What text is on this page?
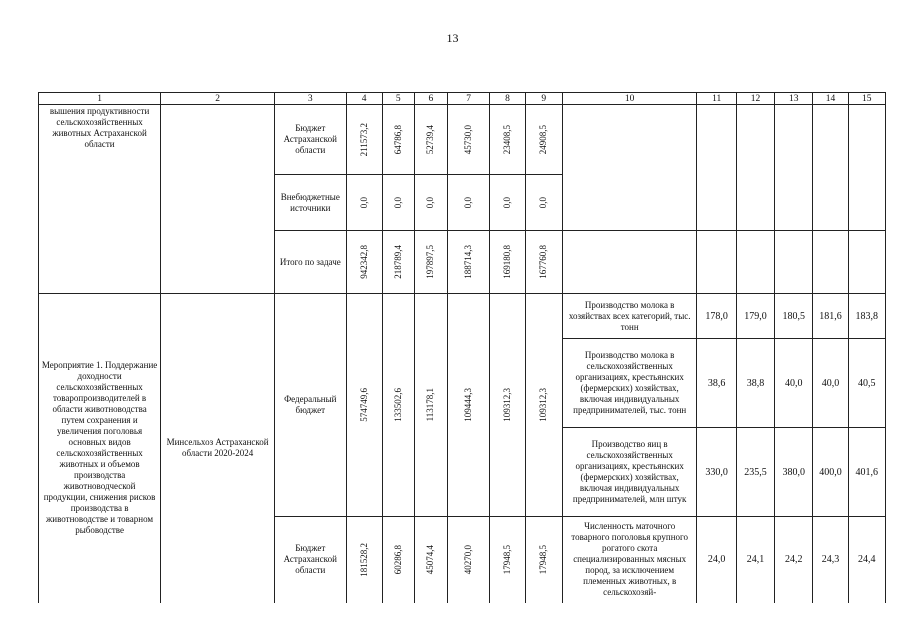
13
1	2	3	4	5	6	7	8	9	10	11	12	13	14	15
вышения продуктивности сельскохозяйственных животных Астраханской области		Бюджет Астраханской области	211573,2	64786,8	52739,4	45730,0	23408,5	24908,5						

		Внебюджетные источники	0,0	0,0	0,0	0,0	0,0	0,0						

		Итого по задаче	942342,8	218789,4	197897,5	188714,3	169180,8	167760,8						

Мероприятие 1. Поддержание доходности сельскохозяйственных товаропроизводителей в области животноводства путем сохранения и увеличения поголовья основных видов сельскохозяйственных животных и объемов производства животноводческой продукции, снижения рисков производства в животноводстве и товарном рыбоводстве	Минсельхоз Астраханской области 2020-2024	Федеральный бюджет	574749,6	133502,6	113178,1	109444,3	109312,3	109312,3	Производство молока в хозяйствах всех категорий, тыс. тонн	178,0	179,0	180,5	181,6	183,8
									Производство молока в сельскохозяйственных организациях, крестьянских (фермерских) хозяйствах, включая индивидуальных предпринимателей, тыс. тонн	38,6	38,8	40,0	40,0	40,5
									Производство яиц в сельскохозяйственных организациях, крестьянских (фермерских) хозяйствах, включая индивидуальных предпринимателей, млн штук	330,0	235,5	380,0	400,0	401,6
		Бюджет Астраханской области	181528,2	60286,8	45074,4	40270,0	17948,5	17948,5	Численность маточного товарного поголовья крупного рогатого скота специализированных мясных пород, за исключением племенных животных, в сельскохозяй-	24,0	24,1	24,2	24,3	24,4
